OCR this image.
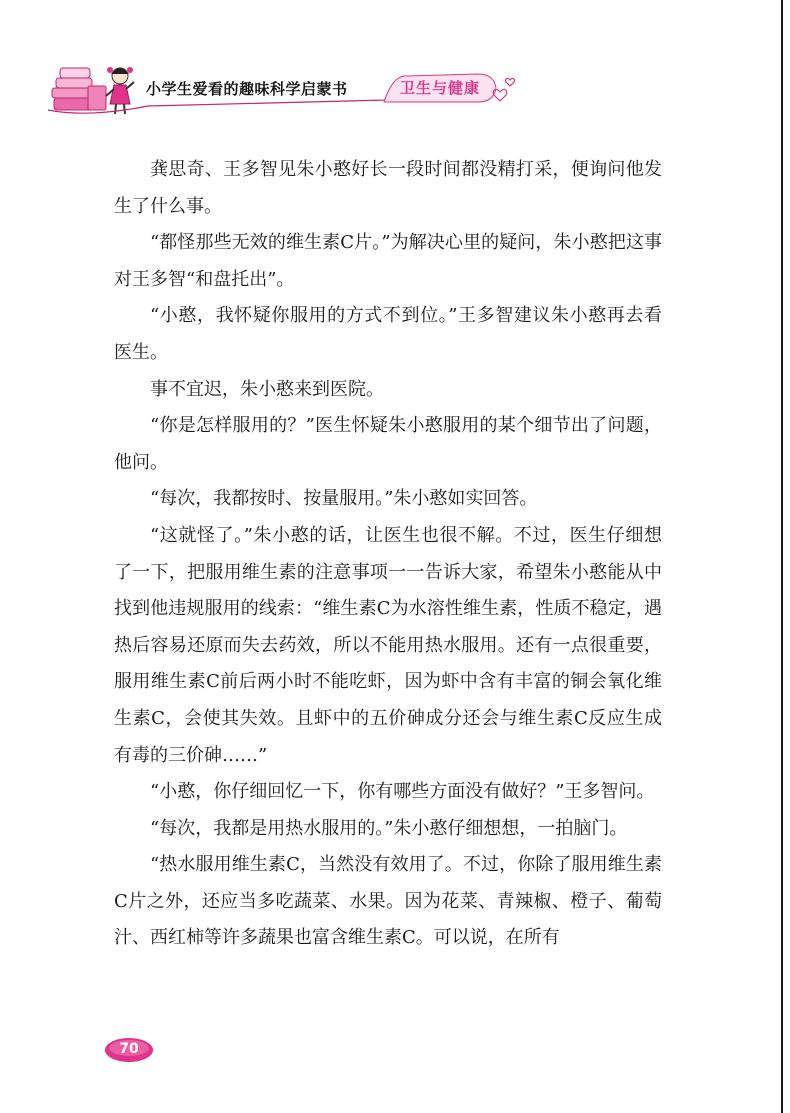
小学生爱看的趣味科学启蒙书	卫生与健康

龚思奇、王多智见朱小憨好长一段时间都没精打采，便询问他发生了什么事。

“都怪那些无效的维生素C片。”为解决心里的疑问，朱小憨把这事对王多智“和盘托出”。

“小憨，我怀疑你服用的方式不到位。”王多智建议朱小憨再去看医生。

事不宜迟，朱小憨来到医院。

“你是怎样服用的？”医生怀疑朱小憨服用的某个细节出了问题，他问。

“每次，我都按时、按量服用。”朱小憨如实回答。

“这就怪了。”朱小憨的话，让医生也很不解。不过，医生仔细想了一下，把服用维生素的注意事项一一告诉大家，希望朱小憨能从中找到他违规服用的线索：“维生素C为水溶性维生素，性质不稳定，遇热后容易还原而失去药效，所以不能用热水服用。还有一点很重要，服用维生素C前后两小时不能吃虾，因为虾中含有丰富的铜会氧化维生素C，会使其失效。且虾中的五价砷成分还会与维生素C反应生成有毒的三价砷……”

“小憨，你仔细回忆一下，你有哪些方面没有做好？”王多智问。

“每次，我都是用热水服用的。”朱小憨仔细想想，一拍脑门。

“热水服用维生素C，当然没有效用了。不过，你除了服用维生素C片之外，还应当多吃蔬菜、水果。因为花菜、青辣椒、橙子、葡萄汁、西红柿等许多蔬果也富含维生素C。可以说，在所有

70
